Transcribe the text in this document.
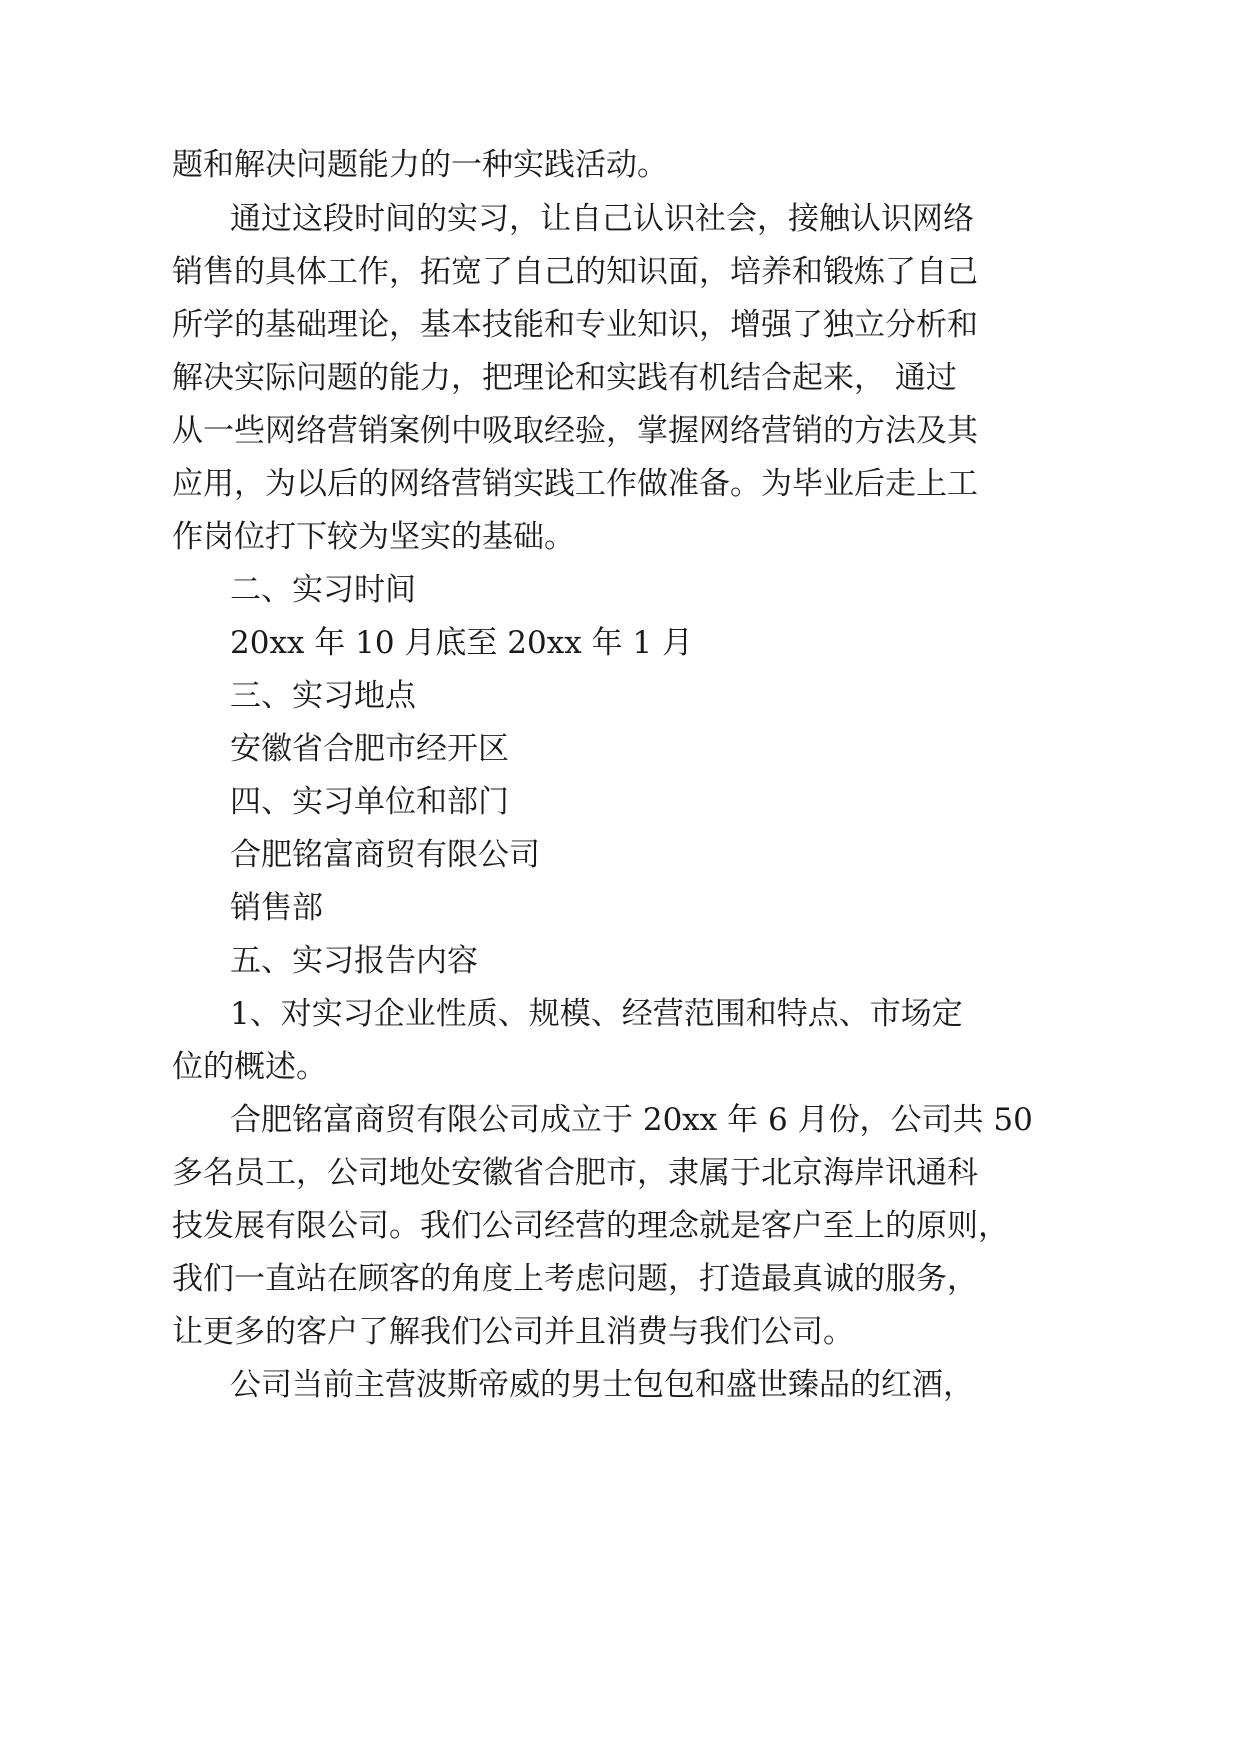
题和解决问题能力的一种实践活动。
通过这段时间的实习，让自己认识社会，接触认识网络
销售的具体工作，拓宽了自己的知识面，培养和锻炼了自己
所学的基础理论，基本技能和专业知识，增强了独立分析和
解决实际问题的能力，把理论和实践有机结合起来， 通过
从一些网络营销案例中吸取经验，掌握网络营销的方法及其
应用，为以后的网络营销实践工作做准备。为毕业后走上工
作岗位打下较为坚实的基础。
二、实习时间
20xx 年 10 月底至 20xx 年 1 月
三、实习地点
安徽省合肥市经开区
四、实习单位和部门
合肥铭富商贸有限公司
销售部
五、实习报告内容
1、对实习企业性质、规模、经营范围和特点、市场定
位的概述。
合肥铭富商贸有限公司成立于 20xx 年 6 月份，公司共 50
多名员工，公司地处安徽省合肥市，隶属于北京海岸讯通科
技发展有限公司。我们公司经营的理念就是客户至上的原则，
我们一直站在顾客的角度上考虑问题，打造最真诚的服务，
让更多的客户了解我们公司并且消费与我们公司。
公司当前主营波斯帝威的男士包包和盛世臻品的红酒，
